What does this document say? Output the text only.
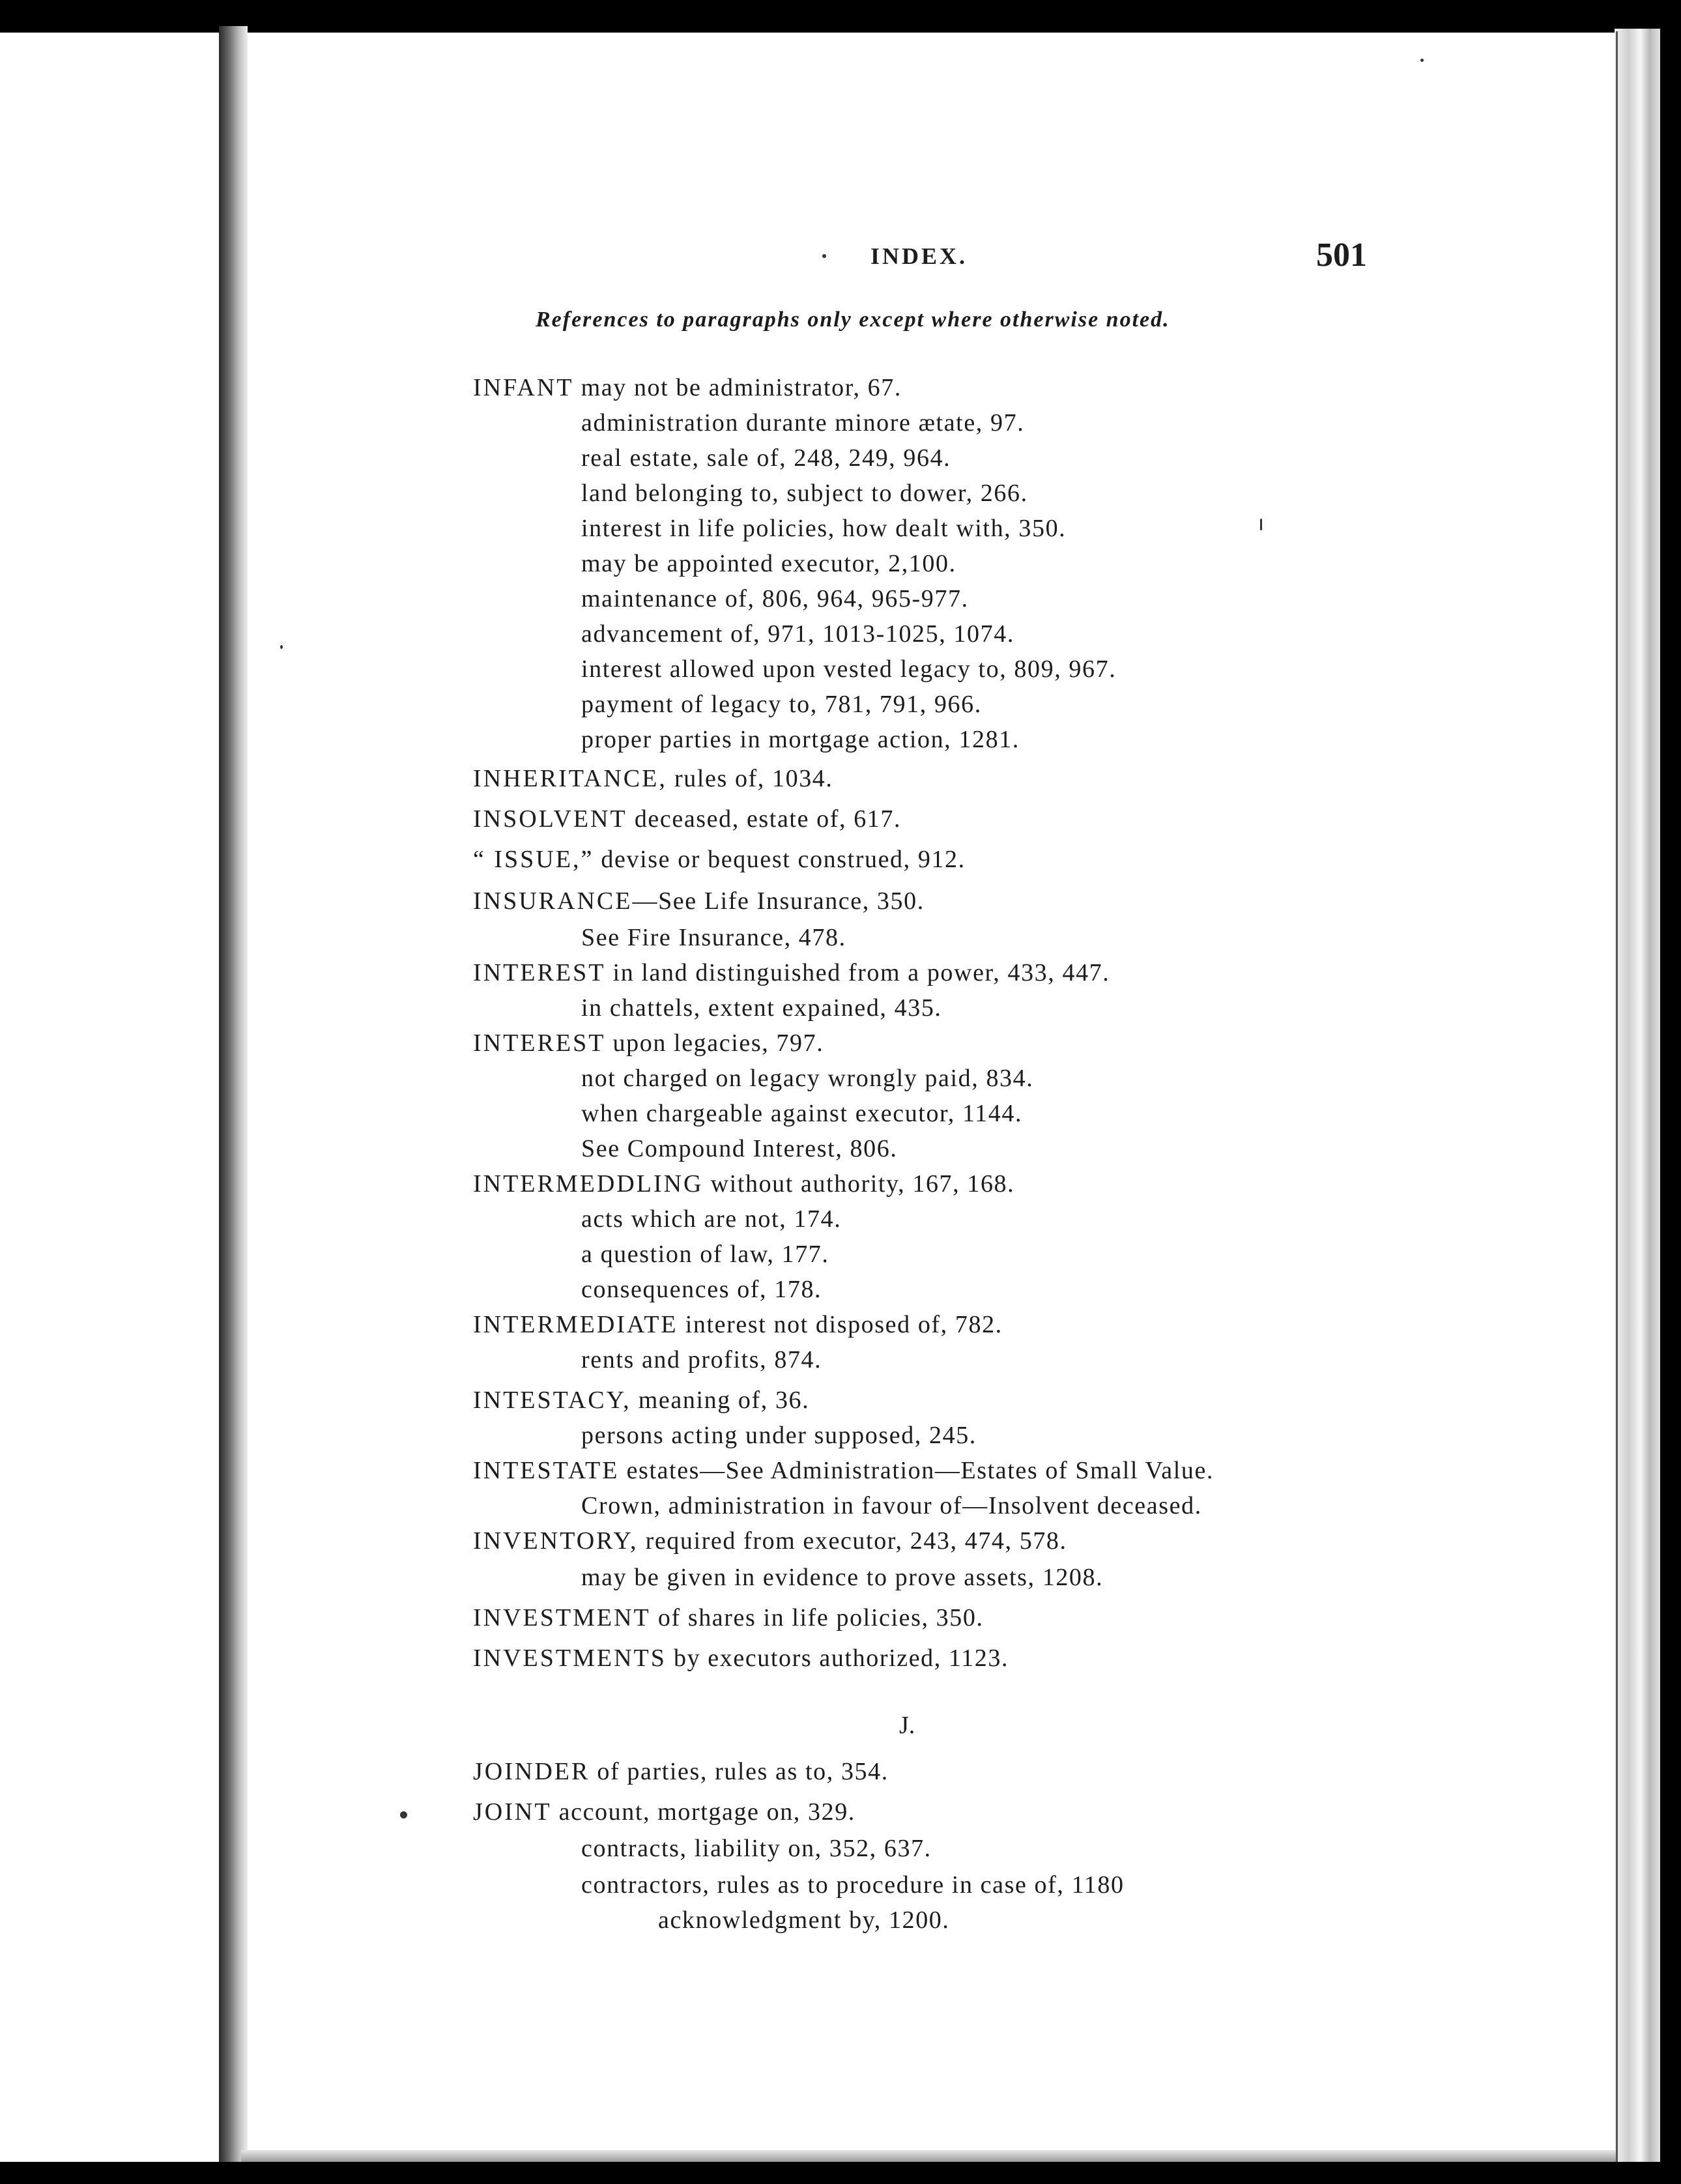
INDEX.	501
References to paragraphs only except where otherwise noted.
INFANT may not be administrator, 67.
administration durante minore ætate, 97.
real estate, sale of, 248, 249, 964.
land belonging to, subject to dower, 266.
interest in life policies, how dealt with, 350.
may be appointed executor, 2,100.
maintenance of, 806, 964, 965-977.
advancement of, 971, 1013-1025, 1074.
interest allowed upon vested legacy to, 809, 967.
payment of legacy to, 781, 791, 966.
proper parties in mortgage action, 1281.
INHERITANCE, rules of, 1034.
INSOLVENT deceased, estate of, 617.
“ ISSUE,” devise or bequest construed, 912.
INSURANCE—See Life Insurance, 350.
See Fire Insurance, 478.
INTEREST in land distinguished from a power, 433, 447.
in chattels, extent expained, 435.
INTEREST upon legacies, 797.
not charged on legacy wrongly paid, 834.
when chargeable against executor, 1144.
See Compound Interest, 806.
INTERMEDDLING without authority, 167, 168.
acts which are not, 174.
a question of law, 177.
consequences of, 178.
INTERMEDIATE interest not disposed of, 782.
rents and profits, 874.
INTESTACY, meaning of, 36.
persons acting under supposed, 245.
INTESTATE estates—See Administration—Estates of Small Value.
Crown, administration in favour of—Insolvent deceased.
INVENTORY, required from executor, 243, 474, 578.
may be given in evidence to prove assets, 1208.
INVESTMENT of shares in life policies, 350.
INVESTMENTS by executors authorized, 1123.
J.
JOINDER of parties, rules as to, 354.
JOINT account, mortgage on, 329.
contracts, liability on, 352, 637.
contractors, rules as to procedure in case of, 1180
acknowledgment by, 1200.
